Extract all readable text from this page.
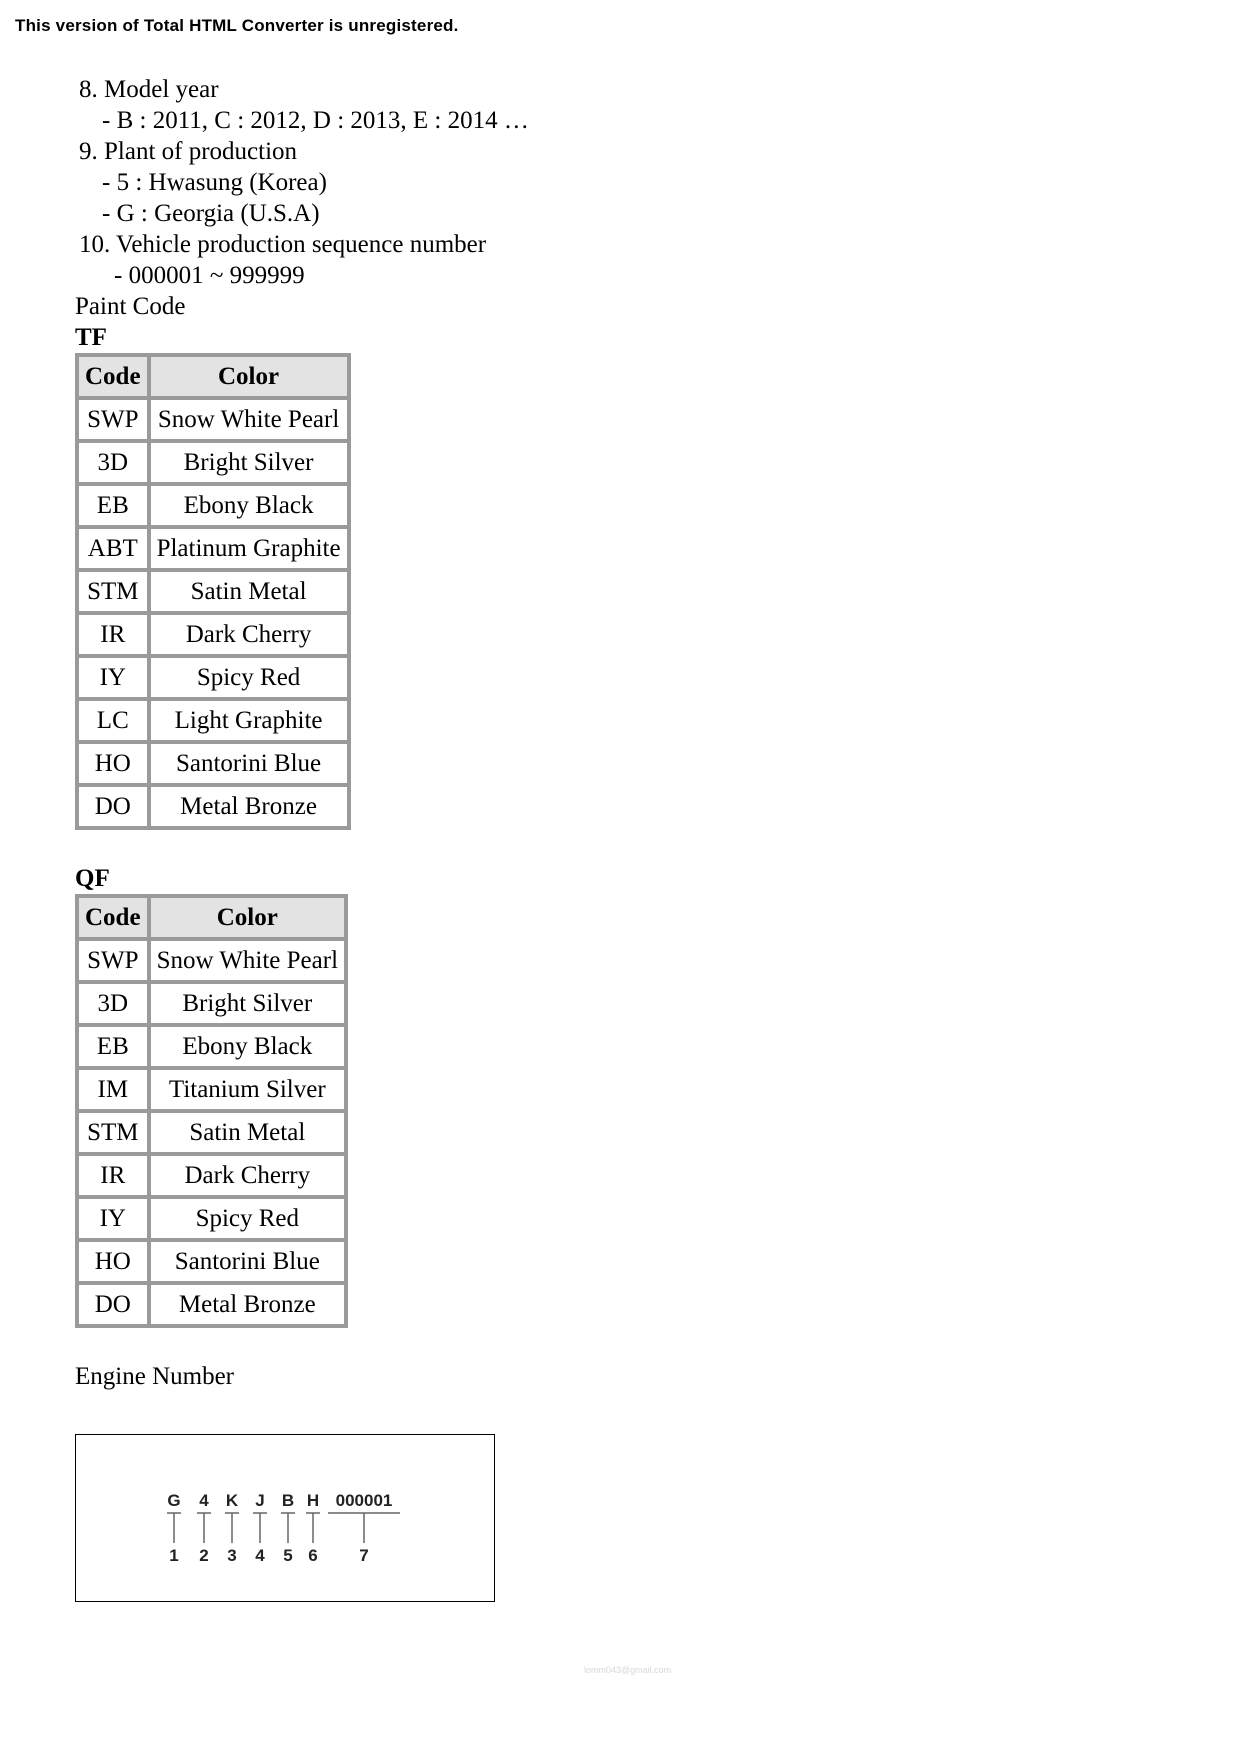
This version of Total HTML Converter is unregistered.
8. Model year
- B : 2011, C : 2012, D : 2013, E : 2014 …
9. Plant of production
- 5 : Hwasung (Korea)
- G : Georgia (U.S.A)
10. Vehicle production sequence number
- 000001 ~ 999999
Paint Code
TF
Code	Color
SWP	Snow White Pearl
3D	Bright Silver
EB	Ebony Black
ABT	Platinum Graphite
STM	Satin Metal
IR	Dark Cherry
IY	Spicy Red
LC	Light Graphite
HO	Santorini Blue
DO	Metal Bronze
QF
Code	Color
SWP	Snow White Pearl
3D	Bright Silver
EB	Ebony Black
IM	Titanium Silver
STM	Satin Metal
IR	Dark Cherry
IY	Spicy Red
HO	Santorini Blue
DO	Metal Bronze
Engine Number
G
1
4
2
K
3
J
4
B
5
H
6
000001
7
lomm043@gmail.com
